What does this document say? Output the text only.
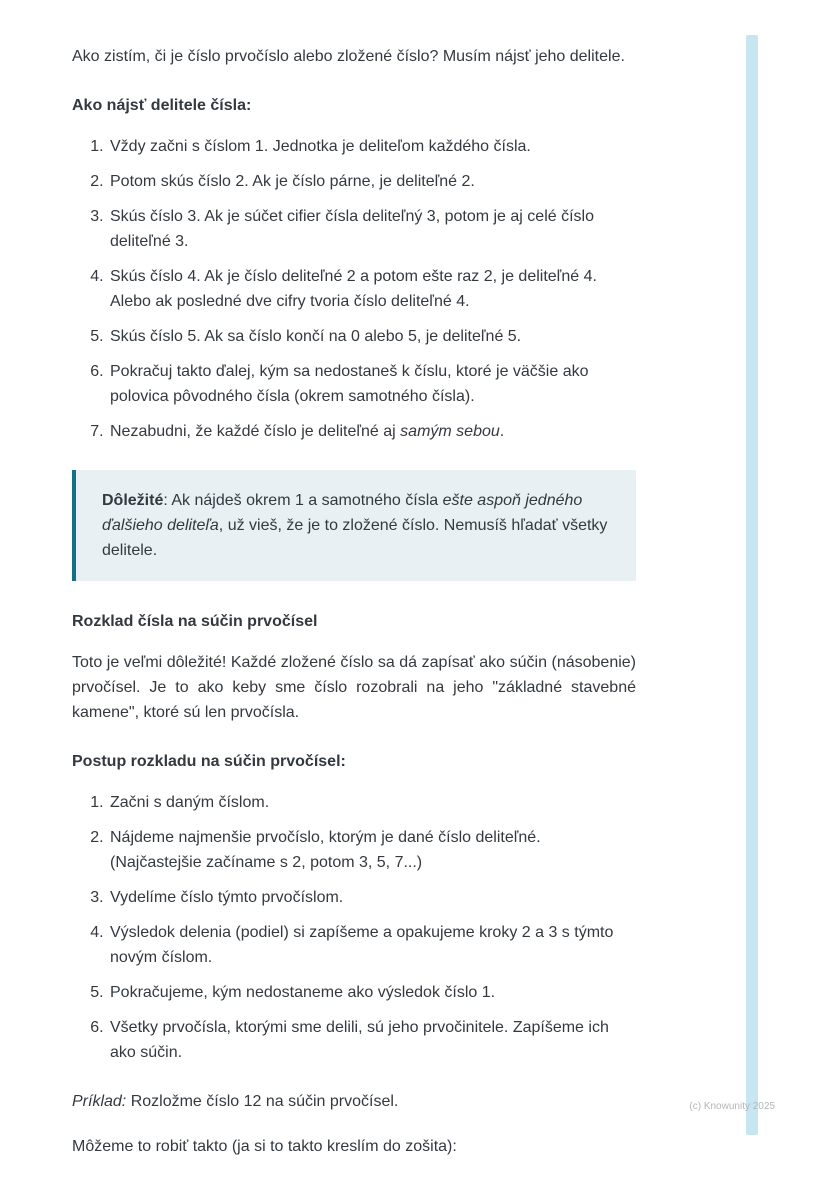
Ako zistím, či je číslo prvočíslo alebo zložené číslo? Musím nájsť jeho delitele.

Ako nájsť delitele čísla:
1. Vždy začni s číslom 1. Jednotka je deliteľom každého čísla.
2. Potom skús číslo 2. Ak je číslo párne, je deliteľné 2.
3. Skús číslo 3. Ak je súčet cifier čísla deliteľný 3, potom je aj celé číslo deliteľné 3.
4. Skús číslo 4. Ak je číslo deliteľné 2 a potom ešte raz 2, je deliteľné 4. Alebo ak posledné dve cifry tvoria číslo deliteľné 4.
5. Skús číslo 5. Ak sa číslo končí na 0 alebo 5, je deliteľné 5.
6. Pokračuj takto ďalej, kým sa nedostaneš k číslu, ktoré je väčšie ako polovica pôvodného čísla (okrem samotného čísla).
7. Nezabudni, že každé číslo je deliteľné aj samým sebou.

Dôležité: Ak nájdeš okrem 1 a samotného čísla ešte aspoň jedného ďalšieho deliteľa, už vieš, že je to zložené číslo. Nemusíš hľadať všetky delitele.

Rozklad čísla na súčin prvočísel

Toto je veľmi dôležité! Každé zložené číslo sa dá zapísať ako súčin (násobenie) prvočísel. Je to ako keby sme číslo rozobrali na jeho "základné stavebné kamene", ktoré sú len prvočísla.

Postup rozkladu na súčin prvočísel:
1. Začni s daným číslom.
2. Nájdeme najmenšie prvočíslo, ktorým je dané číslo deliteľné. (Najčastejšie začíname s 2, potom 3, 5, 7...)
3. Vydelíme číslo týmto prvočíslom.
4. Výsledok delenia (podiel) si zapíšeme a opakujeme kroky 2 a 3 s týmto novým číslom.
5. Pokračujeme, kým nedostaneme ako výsledok číslo 1.
6. Všetky prvočísla, ktorými sme delili, sú jeho prvočinitele. Zapíšeme ich ako súčin.

Príklad: Rozložme číslo 12 na súčin prvočísel.

Môžeme to robiť takto (ja si to takto kreslím do zošita):

(c) Knowunity 2025
